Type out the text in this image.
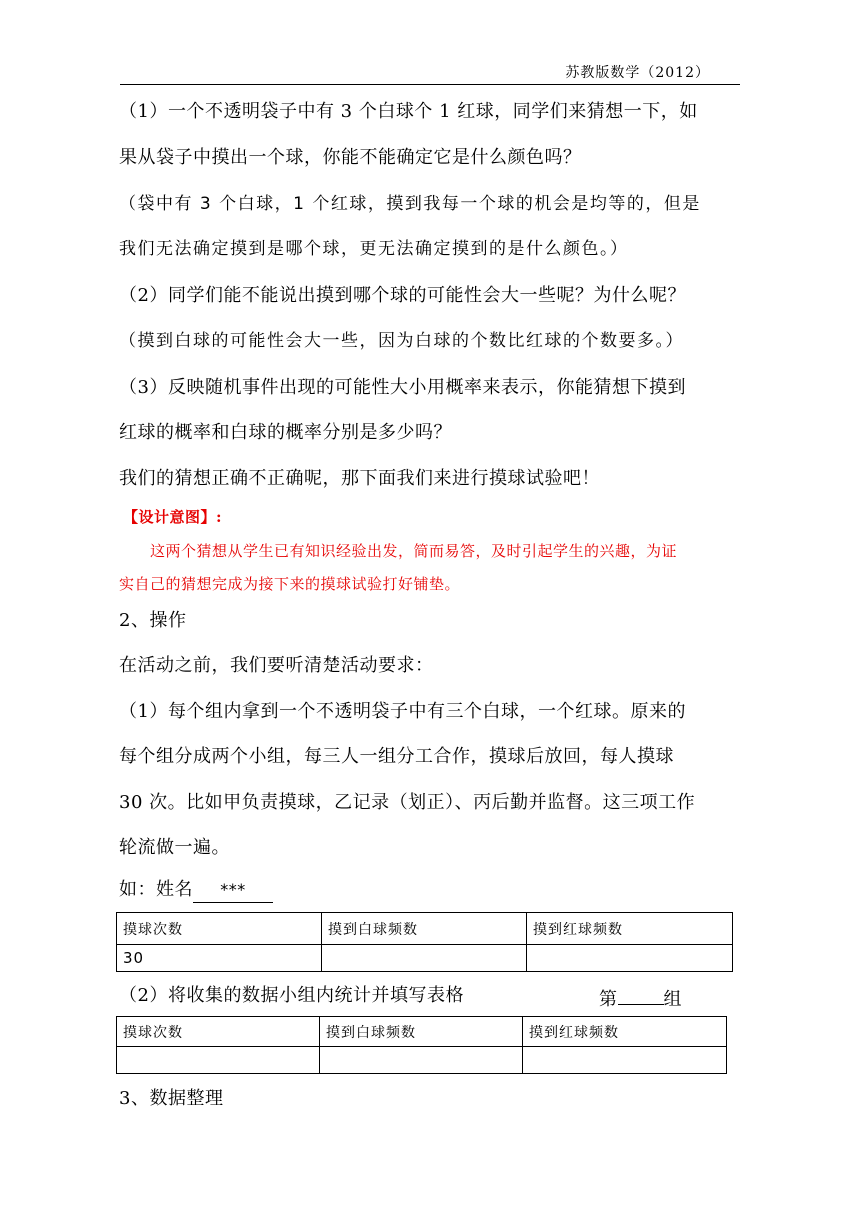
苏教版数学（2012）
（1）一个不透明袋子中有 3 个白球个 1 红球，同学们来猜想一下，如
果从袋子中摸出一个球，你能不能确定它是什么颜色吗？
（袋中有 3 个白球，1 个红球，摸到我每一个球的机会是均等的，但是
我们无法确定摸到是哪个球，更无法确定摸到的是什么颜色。）
（2）同学们能不能说出摸到哪个球的可能性会大一些呢？为什么呢？
（摸到白球的可能性会大一些，因为白球的个数比红球的个数要多。）
（3）反映随机事件出现的可能性大小用概率来表示，你能猜想下摸到
红球的概率和白球的概率分别是多少吗？
我们的猜想正确不正确呢，那下面我们来进行摸球试验吧！
【设计意图】:
这两个猜想从学生已有知识经验出发，简而易答，及时引起学生的兴趣，为证
实自己的猜想完成为接下来的摸球试验打好铺垫。
2、操作
在活动之前，我们要听清楚活动要求：
（1）每个组内拿到一个不透明袋子中有三个白球，一个红球。原来的
每个组分成两个小组，每三人一组分工合作，摸球后放回，每人摸球
30 次。比如甲负责摸球，乙记录（划正）、丙后勤并监督。这三项工作
轮流做一遍。
如：姓名 ***
摸球次数	摸到白球频数	摸到红球频数
30		
（2）将收集的数据小组内统计并填写表格	第	组
摸球次数	摸到白球频数	摸到红球频数

3、数据整理
